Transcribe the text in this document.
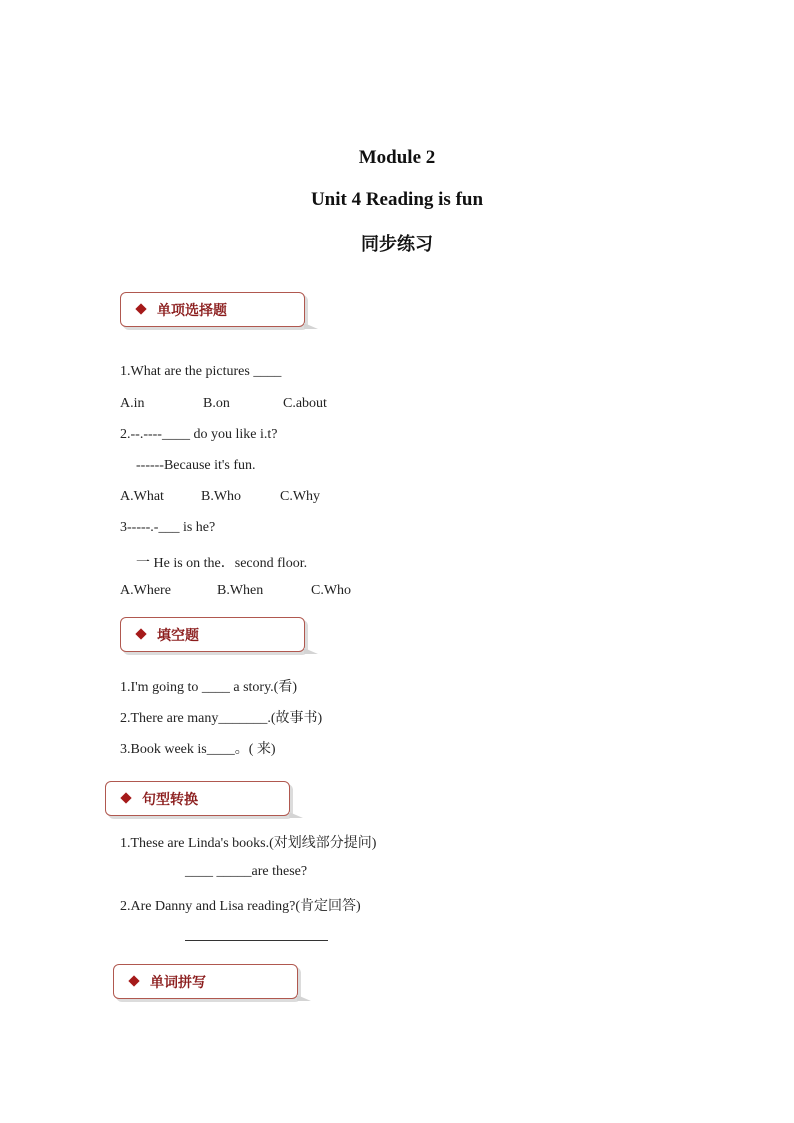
Module 2
Unit 4 Reading is fun
同步练习
单项选择题
1.What are the pictures ____
A.in	B.on	C.about
2.--.----____ do you like i.t?
------Because it's fun.
A.What	B.Who	C.Why
3-----.-___ is he?
一 He is on the．second floor.
A.Where	B.When	C.Who
填空题
1.I'm going to ____ a story.(看)
2.There are many_______.(故事书)
3.Book week is____。( 来)
句型转换
1.These are Linda's books.(对划线部分提问)
____ _____are these?
2.Are Danny and Lisa reading?(肯定回答)
单词拼写
